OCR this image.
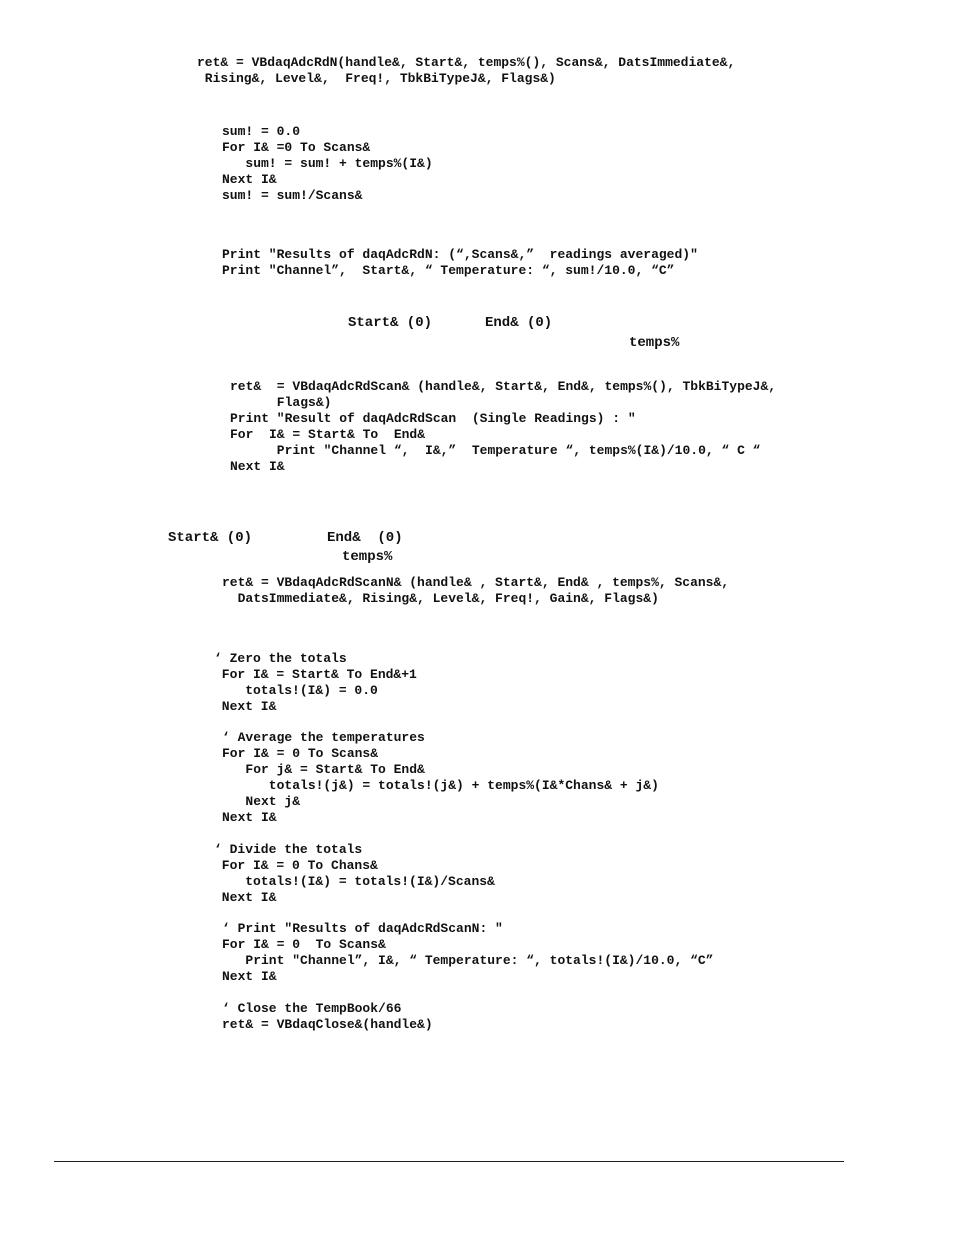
ret& = VBdaqAdcRdN(handle&, Start&, temps%(), Scans&, DatsImmediate&,
Rising&, Level&,  Freq!, TbkBiTypeJ&, Flags&)
sum! = 0.0
For I& =0 To Scans&
sum! = sum! + temps%(I&)
Next I&
sum! = sum!/Scans&
Print "Results of daqAdcRdN: (“,Scans&,”  readings averaged)"
Print "Channel”,  Start&, “ Temperature: “, sum!/10.0, “C”
Start& (0)	End& (0)
temps%
ret&  = VBdaqAdcRdScan& (handle&, Start&, End&, temps%(), TbkBiTypeJ&,
Flags&)
Print "Result of daqAdcRdScan  (Single Readings) : "
For  I& = Start& To  End&
Print "Channel “,  I&,”  Temperature “, temps%(I&)/10.0, “ C “
Next I&
Start& (0)	End&  (0)
temps%
ret& = VBdaqAdcRdScanN& (handle& , Start&, End& , temps%, Scans&,
DatsImmediate&, Rising&, Level&, Freq!, Gain&, Flags&)
‘ Zero the totals
For I& = Start& To End&+1
totals!(I&) = 0.0
Next I&
‘ Average the temperatures
For I& = 0 To Scans&
For j& = Start& To End&
totals!(j&) = totals!(j&) + temps%(I&*Chans& + j&)
Next j&
Next I&
‘ Divide the totals
For I& = 0 To Chans&
totals!(I&) = totals!(I&)/Scans&
Next I&
‘ Print "Results of daqAdcRdScanN: "
For I& = 0  To Scans&
Print "Channel”, I&, “ Temperature: “, totals!(I&)/10.0, “C”
Next I&
‘ Close the TempBook/66
ret& = VBdaqClose&(handle&)
